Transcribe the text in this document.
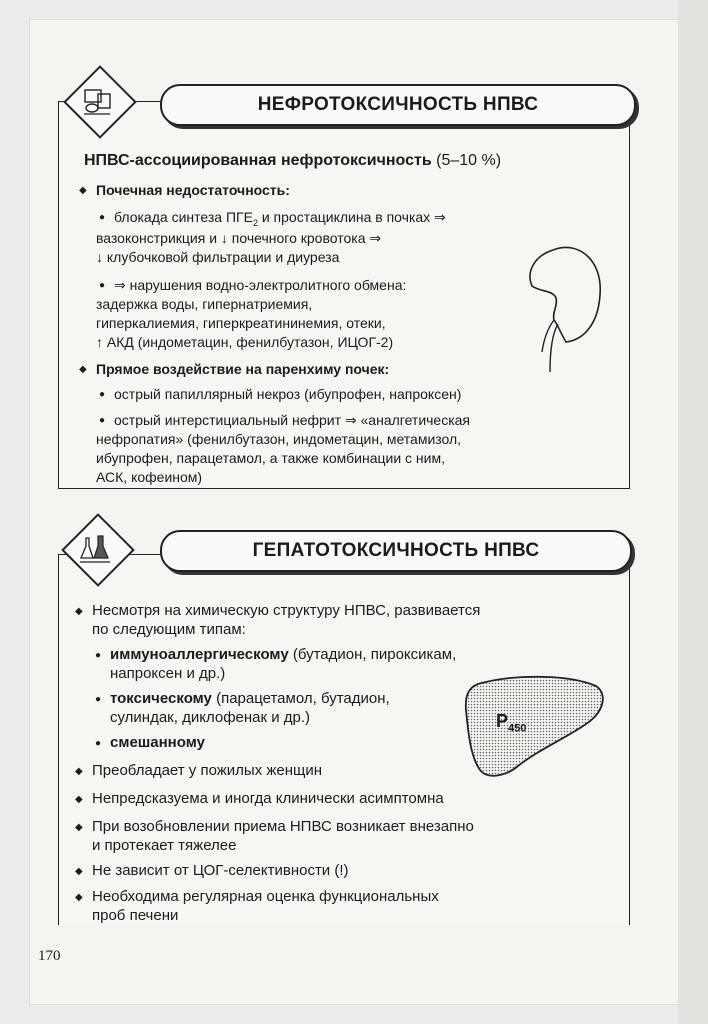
НЕФРОТОКСИЧНОСТЬ НПВС
НПВС-ассоциированная нефротоксичность (5–10 %)
◆ Почечная недостаточность:
● блокада синтеза $ПГЕ_2$ и простациклина в почках ⇒
вазоконстрикция и ↓ почечного кровотока ⇒
↓ клубочковой фильтрации и диуреза
● ⇒ нарушения водно-электролитного обмена:
задержка воды, гипернатриемия,
гиперкалиемия, гиперкреатининемия, отеки,
↑ АКД (индометацин, фенилбутазон, ИЦОГ-2)
◆ Прямое воздействие на паренхиму почек:
● острый папиллярный некроз (ибупрофен, напроксен)
● острый интерстициальный нефрит ⇒ «аналгетическая
нефропатия» (фенилбутазон, индометацин, метамизол,
ибупрофен, парацетамол, а также комбинации с ним,
АСК, кофеином)
ГЕПАТОТОКСИЧНОСТЬ НПВС
◆ Несмотря на химическую структуру НПВС, развивается
по следующим типам:
● иммуноаллергическому (бутадион, пироксикам,
напроксен и др.)
● токсическому (парацетамол, бутадион,
сулиндак, диклофенак и др.)
● смешанному
$P_{450}$
◆ Преобладает у пожилых женщин
◆ Непредсказуема и иногда клинически асимптомна
◆ При возобновлении приема НПВС возникает внезапно
и протекает тяжелее
◆ Не зависит от ЦОГ-селективности (!)
◆ Необходима регулярная оценка функциональных
проб печени
170
